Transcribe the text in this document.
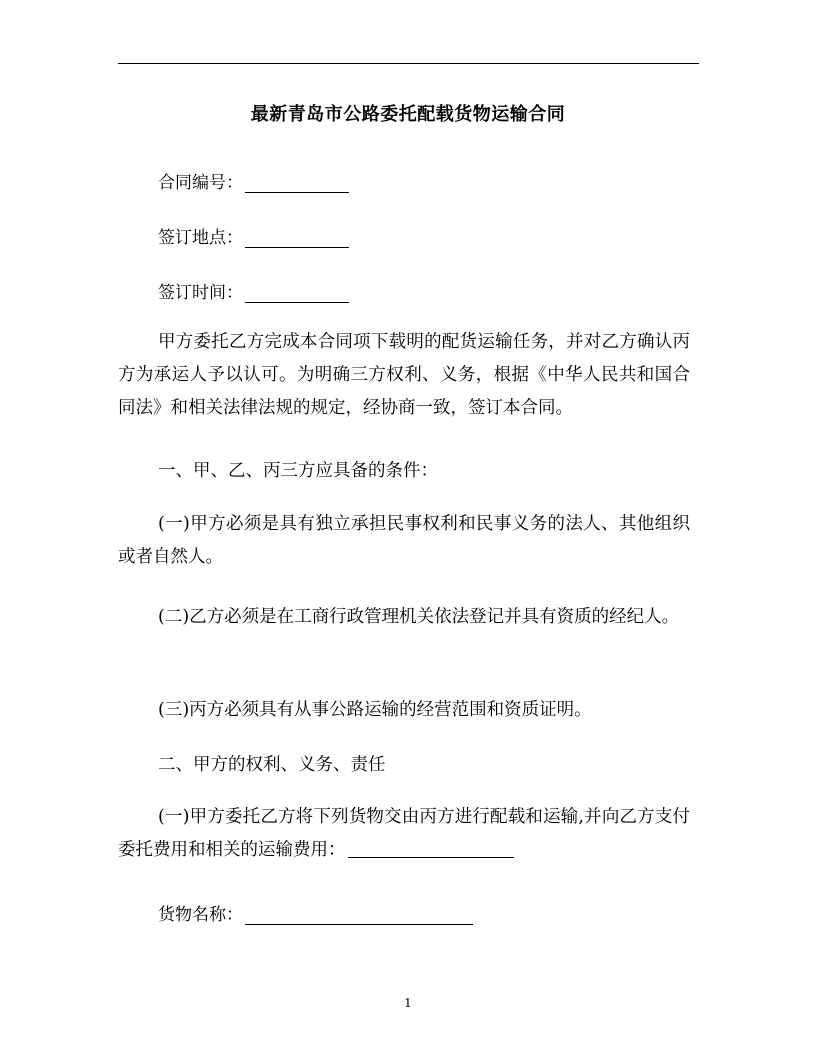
最新青岛市公路委托配载货物运输合同
合同编号：
签订地点：
签订时间：
甲方委托乙方完成本合同项下载明的配货运输任务，并对乙方确认丙方为承运人予以认可。为明确三方权利、义务，根据《中华人民共和国合同法》和相关法律法规的规定，经协商一致，签订本合同。
一、甲、乙、丙三方应具备的条件：
(一)甲方必须是具有独立承担民事权利和民事义务的法人、其他组织或者自然人。
(二)乙方必须是在工商行政管理机关依法登记并具有资质的经纪人。
(三)丙方必须具有从事公路运输的经营范围和资质证明。
二、甲方的权利、义务、责任
(一)甲方委托乙方将下列货物交由丙方进行配载和运输,并向乙方支付委托费用和相关的运输费用：
货物名称：
1
